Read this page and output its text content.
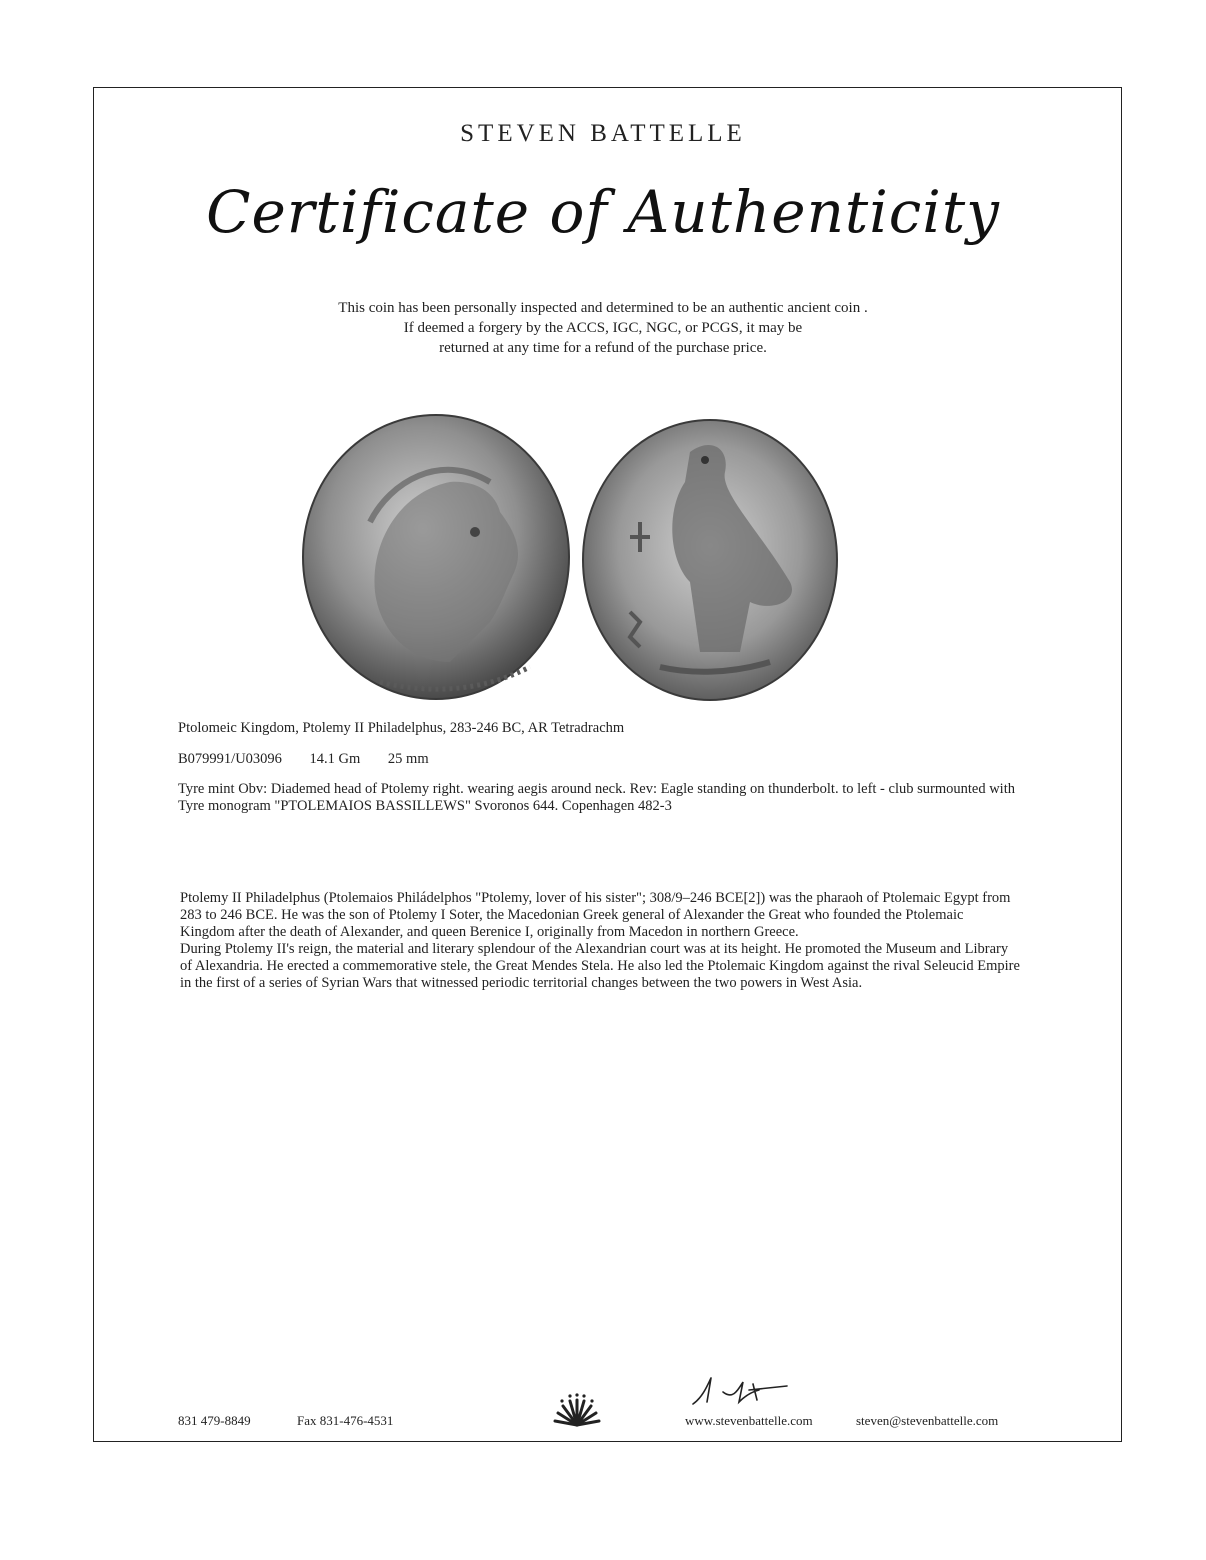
STEVEN BATTELLE
Certificate of Authenticity
This coin has been personally inspected and determined to be an authentic ancient coin .
If deemed a forgery by the ACCS, IGC, NGC, or PCGS, it may be
returned at any time for a refund of the purchase price.
Ptolomeic Kingdom, Ptolemy II Philadelphus, 283-246 BC, AR Tetradrachm
B079991/U03096 14.1 Gm 25 mm
Tyre mint Obv: Diademed head of Ptolemy right. wearing aegis around neck. Rev: Eagle standing on thunderbolt. to left - club surmounted with Tyre monogram "PTOLEMAIOS BASSILLEWS" Svoronos 644. Copenhagen 482-3

Ptolemy II Philadelphus (Ptolemaios Philádelphos "Ptolemy, lover of his sister"; 308/9–246 BCE[2]) was the pharaoh of Ptolemaic Egypt from 283 to 246 BCE. He was the son of Ptolemy I Soter, the Macedonian Greek general of Alexander the Great who founded the Ptolemaic Kingdom after the death of Alexander, and queen Berenice I, originally from Macedon in northern Greece.

During Ptolemy II's reign, the material and literary splendour of the Alexandrian court was at its height. He promoted the Museum and Library of Alexandria. He erected a commemorative stele, the Great Mendes Stela. He also led the Ptolemaic Kingdom against the rival Seleucid Empire in the first of a series of Syrian Wars that witnessed periodic territorial changes between the two powers in West Asia.

831 479-8849	Fax 831-476-4531	www.stevenbattelle.com	steven@stevenbattelle.com
